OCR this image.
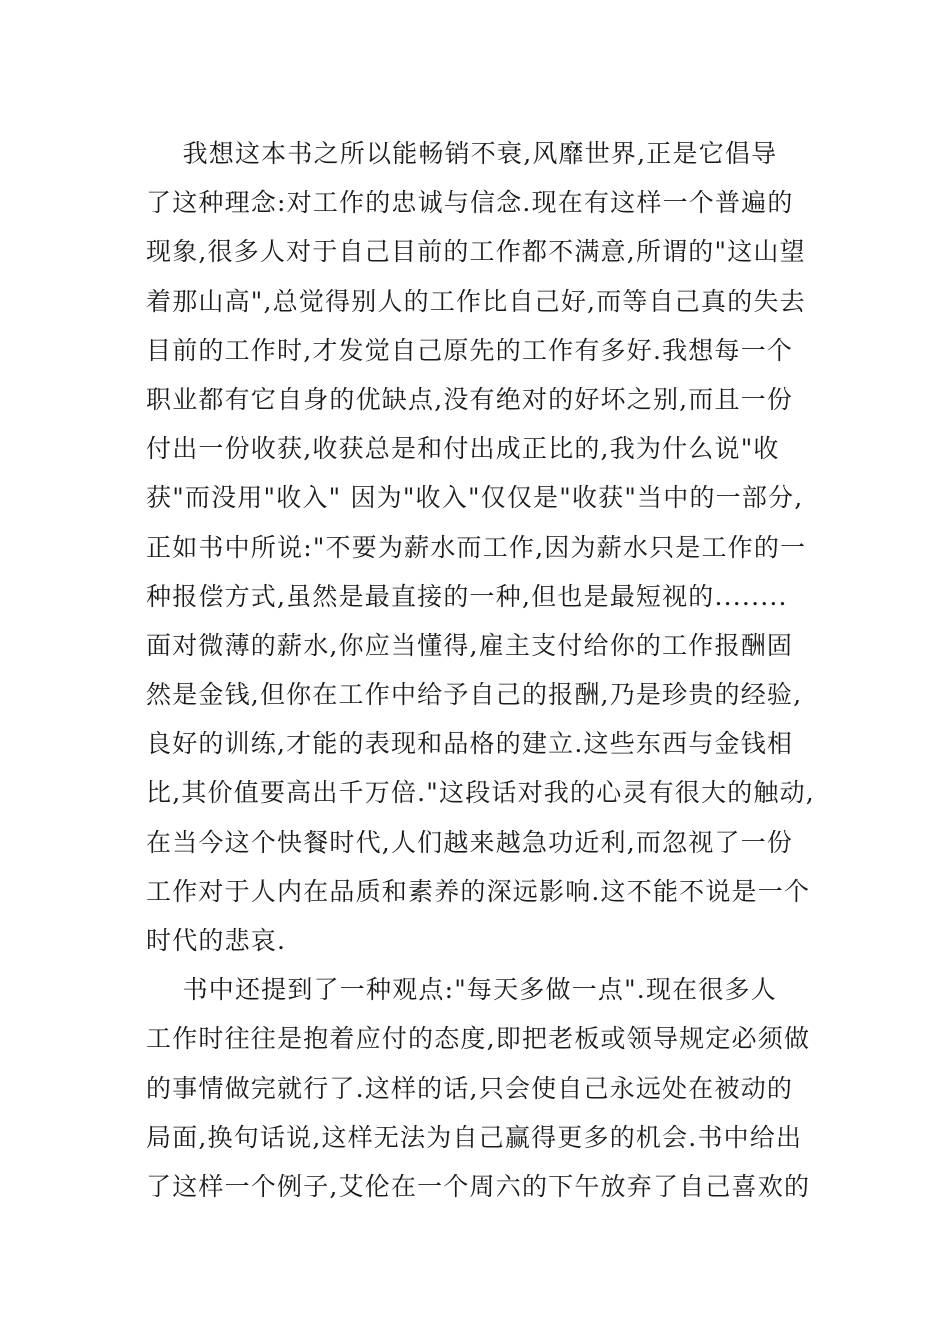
我想这本书之所以能畅销不衰,风靡世界,正是它倡导
了这种理念:对工作的忠诚与信念.现在有这样一个普遍的
现象,很多人对于自己目前的工作都不满意,所谓的"这山望
着那山高",总觉得别人的工作比自己好,而等自己真的失去
目前的工作时,才发觉自己原先的工作有多好.我想每一个
职业都有它自身的优缺点,没有绝对的好坏之别,而且一份
付出一份收获,收获总是和付出成正比的,我为什么说"收
获"而没用"收入" 因为"收入"仅仅是"收获"当中的一部分,
正如书中所说:"不要为薪水而工作,因为薪水只是工作的一
种报偿方式,虽然是最直接的一种,但也是最短视的........
面对微薄的薪水,你应当懂得,雇主支付给你的工作报酬固
然是金钱,但你在工作中给予自己的报酬,乃是珍贵的经验,
良好的训练,才能的表现和品格的建立.这些东西与金钱相
比,其价值要高出千万倍."这段话对我的心灵有很大的触动,
在当今这个快餐时代,人们越来越急功近利,而忽视了一份
工作对于人内在品质和素养的深远影响.这不能不说是一个
时代的悲哀.
书中还提到了一种观点:"每天多做一点".现在很多人
工作时往往是抱着应付的态度,即把老板或领导规定必须做
的事情做完就行了.这样的话,只会使自己永远处在被动的
局面,换句话说,这样无法为自己赢得更多的机会.书中给出
了这样一个例子,艾伦在一个周六的下午放弃了自己喜欢的
